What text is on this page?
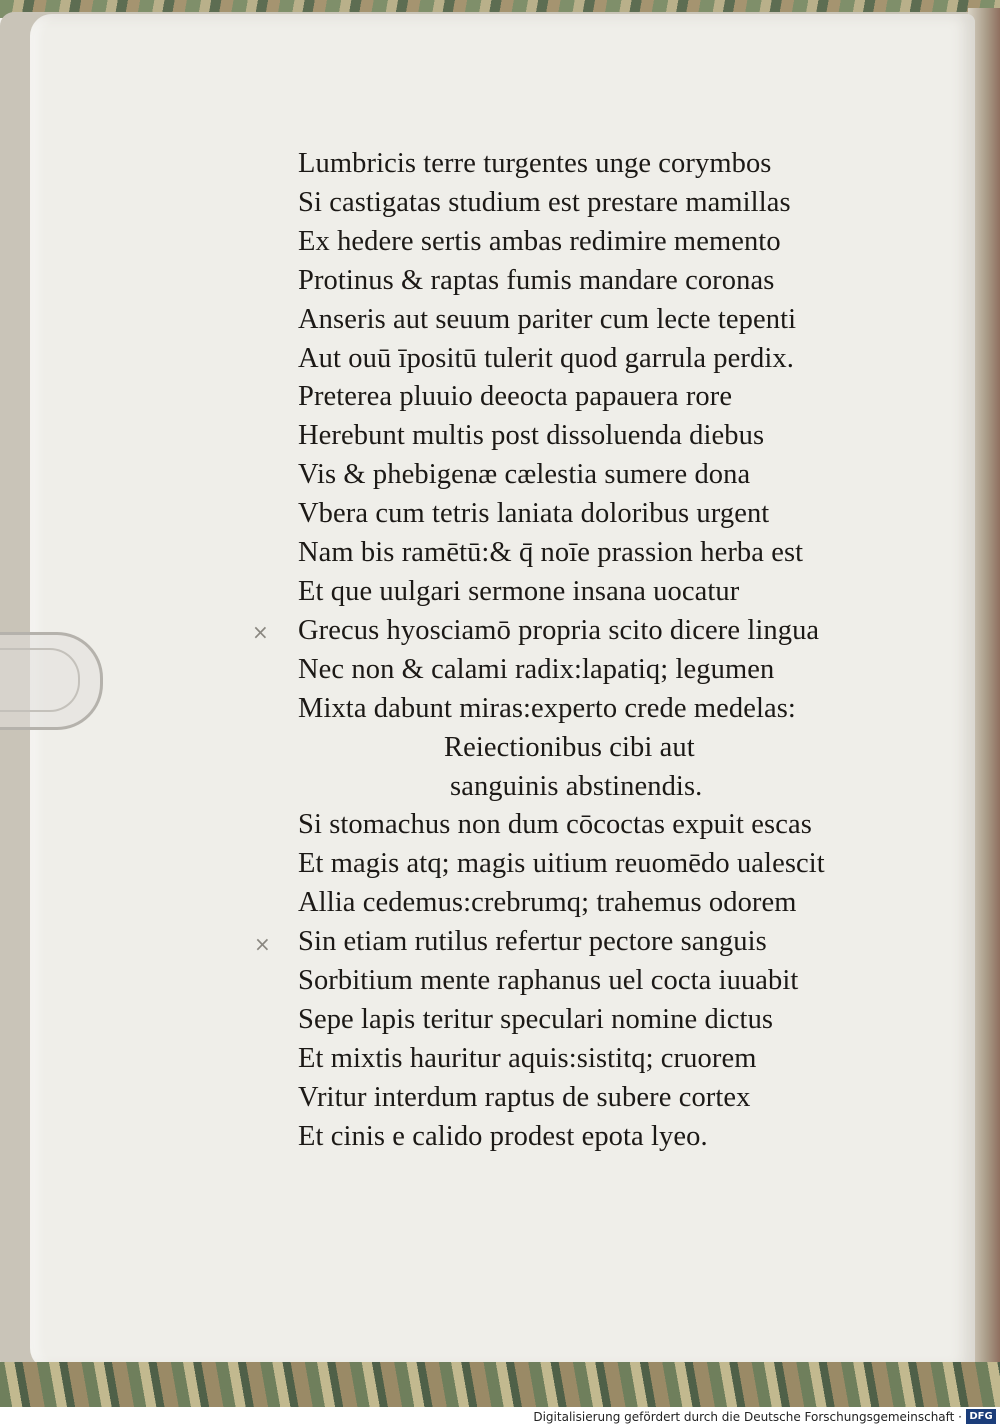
×
×
Lumbricis terre turgentes unge corymbos
Si castigatas studium est prestare mamillas
Ex hedere sertis ambas redimire memento
Protinus & raptas fumis mandare coronas
Anseris aut seuum pariter cum lecte tepenti
Aut ouū īpositū tulerit quod garrula perdix.
Preterea pluuio deeocta papauera rore
Herebunt multis post dissoluenda diebus
Vis & phebigenæ cælestia sumere dona
Vbera cum tetris laniata doloribus urgent
Nam bis ramētū:& q̄ noīe prassion herba est
Et que uulgari sermone insana uocatur
Grecus hyosciamō propria scito dicere lingua
Nec non & calami radix:lapatiq; legumen
Mixta dabunt miras:experto crede medelas:
Reiectionibus cibi aut
sanguinis abstinendis.
Si stomachus non dum cōcoctas expuit escas
Et magis atq; magis uitium reuomēdo ualescit
Allia cedemus:crebrumq; trahemus odorem
Sin etiam rutilus refertur pectore sanguis
Sorbitium mente raphanus uel cocta iuuabit
Sepe lapis teritur speculari nomine dictus
Et mixtis hauritur aquis:sistitq; cruorem
Vritur interdum raptus de subere cortex
Et cinis e calido prodest epota lyeo.
Digitalisierung gefördert durch die Deutsche Forschungsgemeinschaft · DFG
